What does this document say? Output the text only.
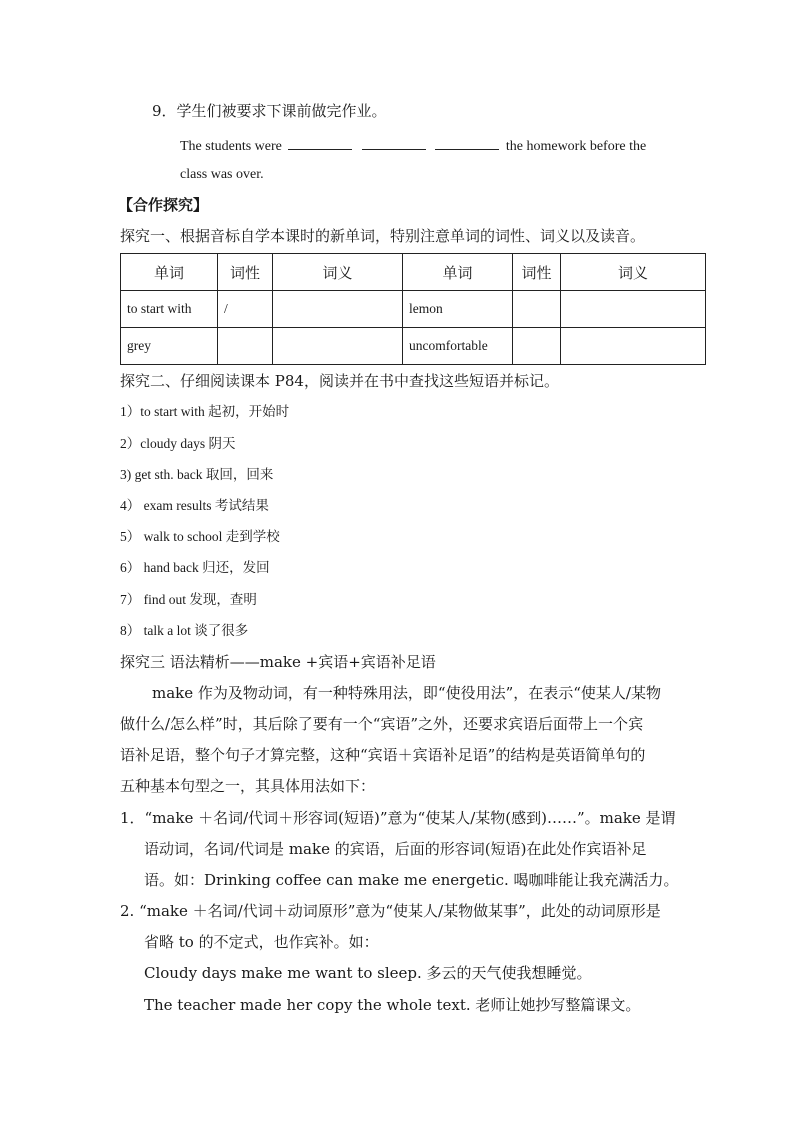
9．学生们被要求下课前做完作业。
The students were	the homework before the
class was over.
【合作探究】
探究一、根据音标自学本课时的新单词，特别注意单词的词性、词义以及读音。
单词	词性	词义	单词	词性	词义
to start with	/		lemon		
grey			uncomfortable		
探究二、仔细阅读课本 P84，阅读并在书中查找这些短语并标记。
1）to start with 起初，开始时
2）cloudy days 阴天
3) get sth. back 取回，回来
4） exam results 考试结果
5） walk to school 走到学校
6） hand back 归还，发回
7） find out 发现，查明
8） talk a lot 谈了很多
探究三 语法精析——make +宾语+宾语补足语
make 作为及物动词，有一种特殊用法，即“使役用法”，在表示“使某人/某物
做什么/怎么样”时，其后除了要有一个“宾语”之外，还要求宾语后面带上一个宾
语补足语，整个句子才算完整，这种“宾语＋宾语补足语”的结构是英语简单句的
五种基本句型之一，其具体用法如下：
1．“make ＋名词/代词＋形容词(短语)”意为“使某人/某物(感到)……”。make 是谓
语动词，名词/代词是 make 的宾语，后面的形容词(短语)在此处作宾语补足
语。如：Drinking coffee can make me energetic. 喝咖啡能让我充满活力。
2. “make ＋名词/代词＋动词原形”意为“使某人/某物做某事”，此处的动词原形是
省略 to 的不定式，也作宾补。如：
Cloudy days make me want to sleep. 多云的天气使我想睡觉。
The teacher made her copy the whole text. 老师让她抄写整篇课文。
